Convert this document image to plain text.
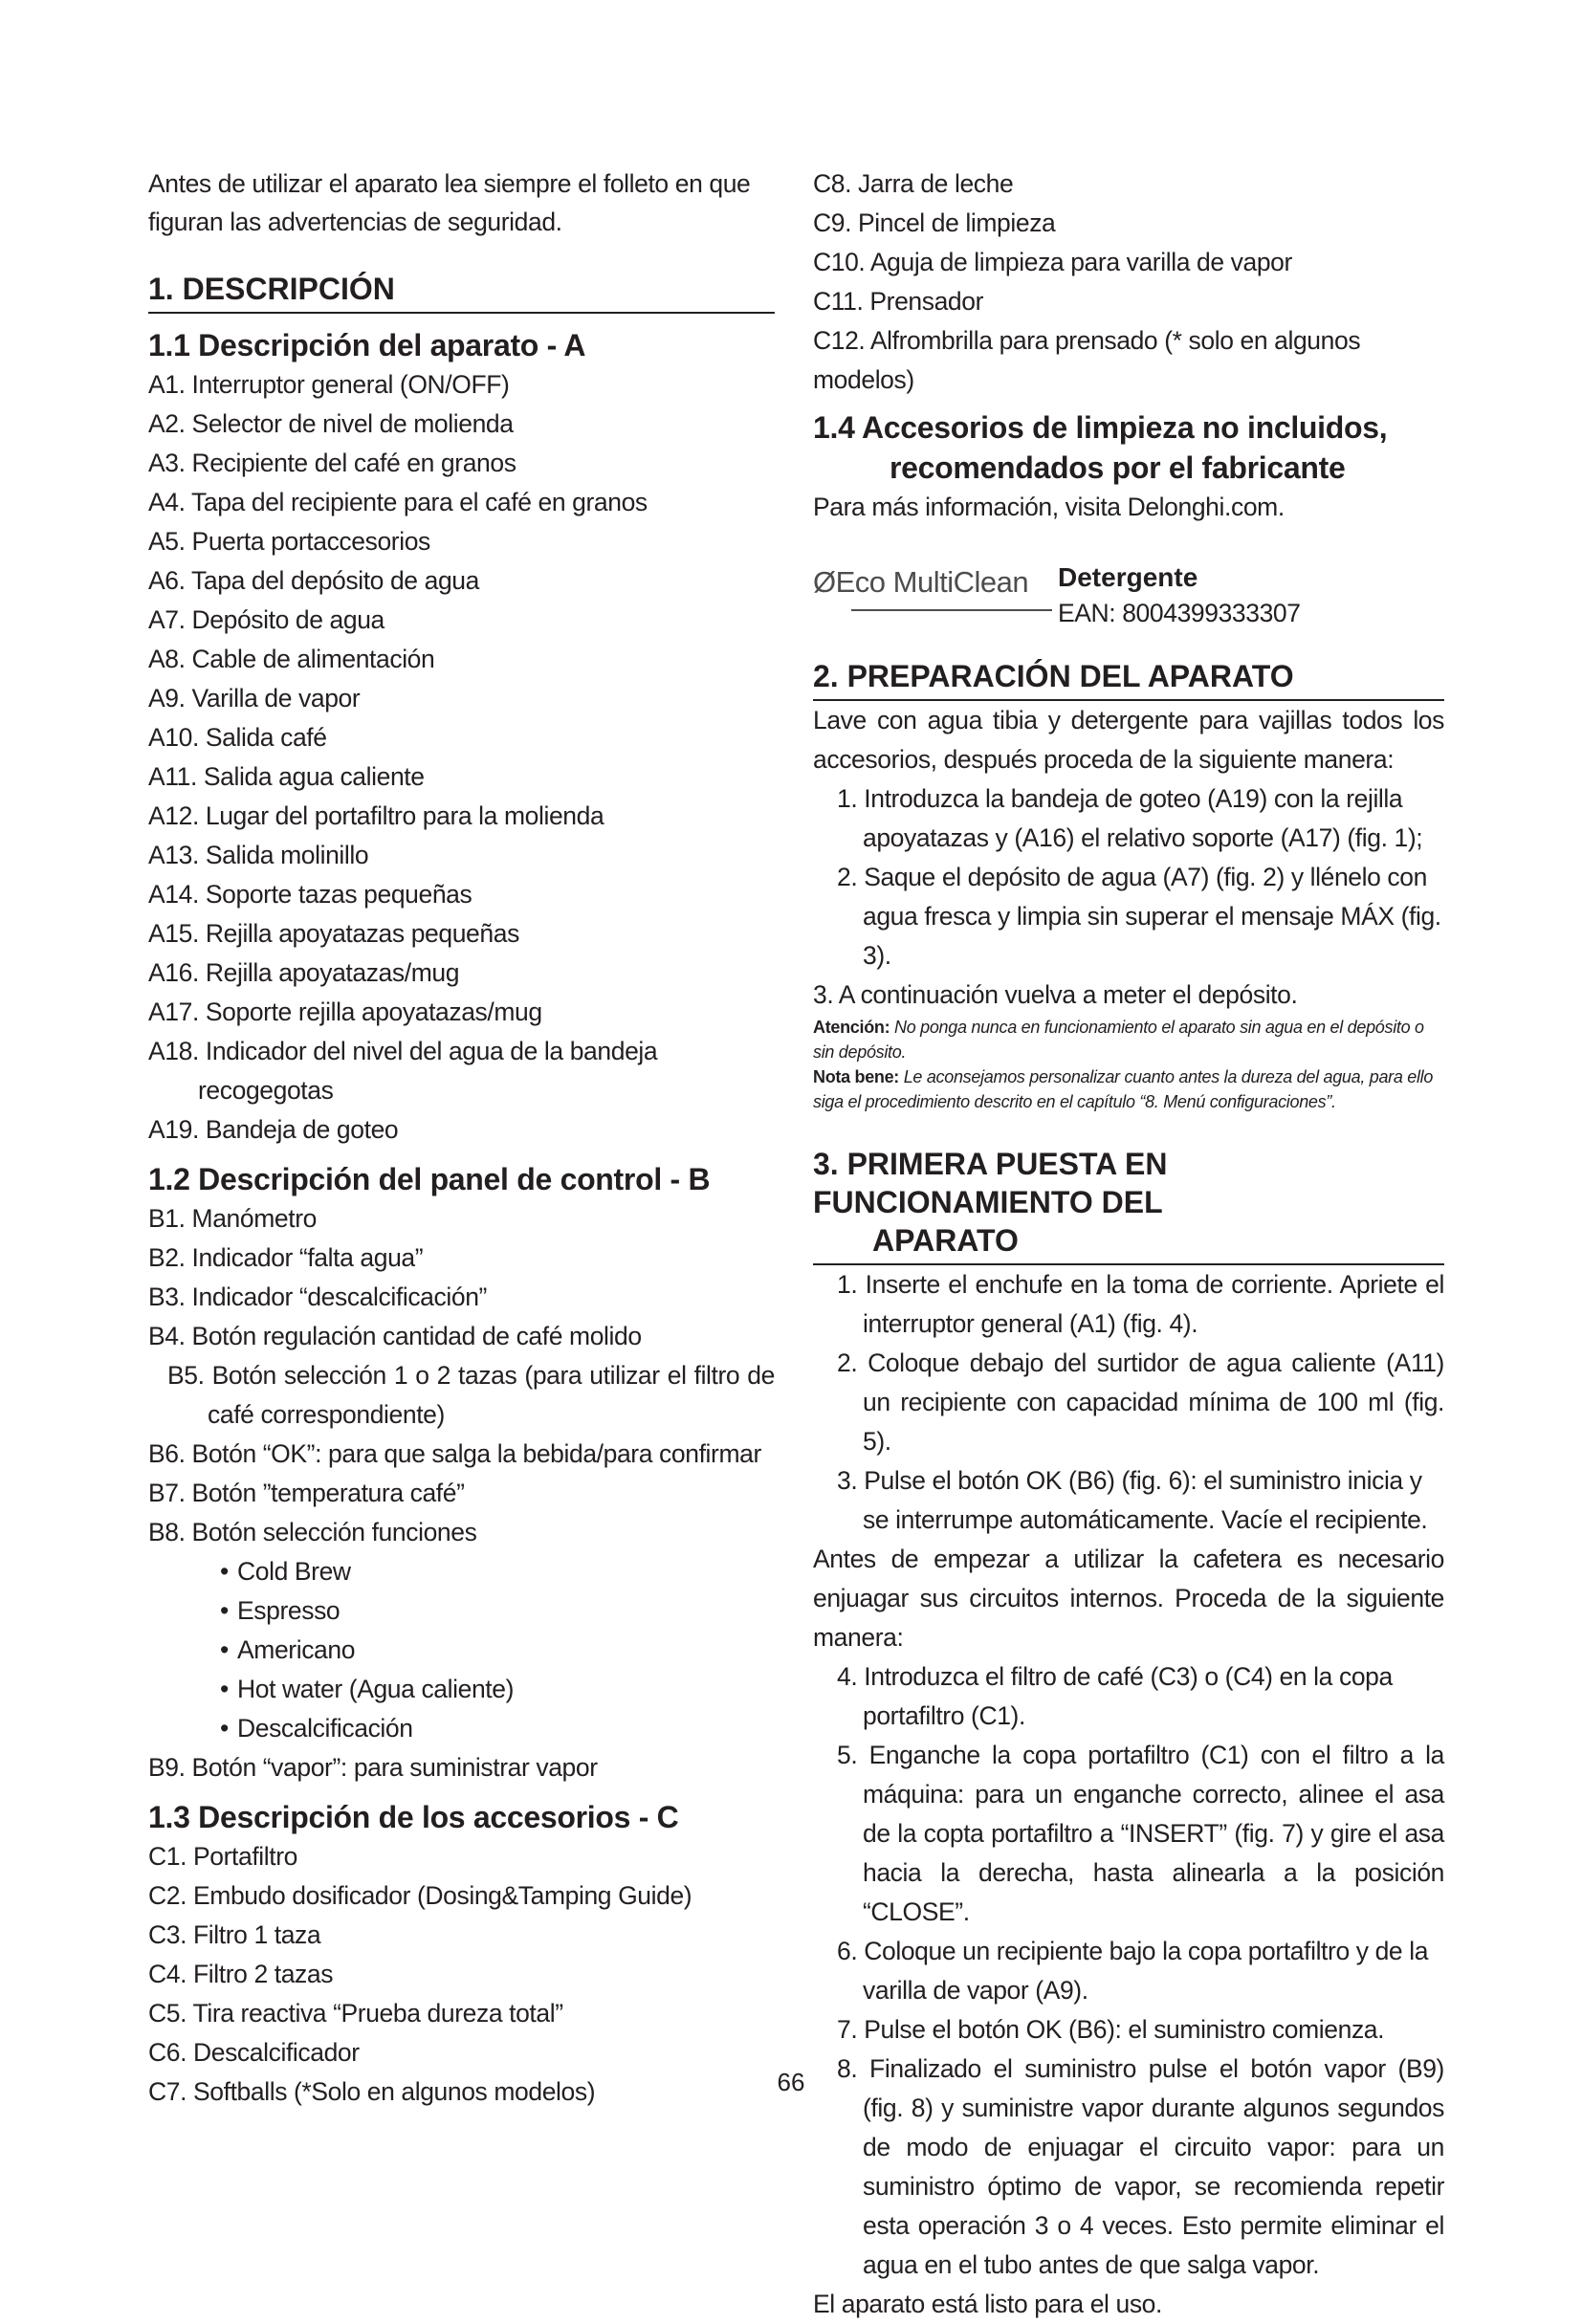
Antes de utilizar el aparato lea siempre el folleto en que figuran las advertencias de seguridad.

1. DESCRIPCIÓN
1.1 Descripción del aparato - A
A1. Interruptor general (ON/OFF)
A2. Selector de nivel de molienda
A3. Recipiente del café en granos
A4. Tapa del recipiente para el café en granos
A5. Puerta portaccesorios
A6. Tapa del depósito de agua
A7. Depósito de agua
A8. Cable de alimentación
A9. Varilla de vapor
A10. Salida café
A11. Salida agua caliente
A12. Lugar del portafiltro para la molienda
A13. Salida molinillo
A14. Soporte tazas pequeñas
A15. Rejilla apoyatazas pequeñas
A16. Rejilla apoyatazas/mug
A17. Soporte rejilla apoyatazas/mug
A18. Indicador del nivel del agua de la bandeja recogegotas
A19. Bandeja de goteo
1.2 Descripción del panel de control - B
B1. Manómetro
B2. Indicador “falta agua”
B3. Indicador “descalcificación”
B4. Botón regulación cantidad de café molido
B5. Botón selección 1 o 2 tazas (para utilizar el filtro de café correspondiente)
B6. Botón “OK”: para que salga la bebida/para confirmar
B7. Botón ”temperatura café”
B8. Botón selección funciones
• Cold Brew
• Espresso
• Americano
• Hot water (Agua caliente)
• Descalcificación
B9. Botón “vapor”: para suministrar vapor
1.3 Descripción de los accesorios - C
C1. Portafiltro
C2. Embudo dosificador (Dosing&Tamping Guide)
C3. Filtro 1 taza
C4. Filtro 2 tazas
C5. Tira reactiva “Prueba dureza total”
C6. Descalcificador
C7. Softballs (*Solo en algunos modelos)
C8. Jarra de leche
C9. Pincel de limpieza
C10. Aguja de limpieza para varilla de vapor
C11. Prensador
C12. Alfrombrilla para prensado (* solo en algunos modelos)
1.4 Accesorios de limpieza no incluidos,
recomendados por el fabricante

Para más información, visita Delonghi.com.

ØEco MultiClean Detergente
EAN: 8004399333307
2. PREPARACIÓN DEL APARATO

Lave con agua tibia y detergente para vajillas todos los accesorios, después proceda de la siguiente manera:

1. Introduzca la bandeja de goteo (A19) con la rejilla apoyatazas y (A16) el relativo soporte (A17) (fig. 1);
2. Saque el depósito de agua (A7) (fig. 2) y llénelo con agua fresca y limpia sin superar el mensaje MÁX (fig. 3).
3. A continuación vuelva a meter el depósito.

Atención: No ponga nunca en funcionamiento el aparato sin agua en el depósito o sin depósito.

Nota bene: Le aconsejamos personalizar cuanto antes la dureza del agua, para ello siga el procedimiento descrito en el capítulo “8. Menú configuraciones”.

3. PRIMERA PUESTA EN FUNCIONAMIENTO DEL
APARATO
1. Inserte el enchufe en la toma de corriente. Apriete el interruptor general (A1) (fig. 4).
2. Coloque debajo del surtidor de agua caliente (A11) un recipiente con capacidad mínima de 100 ml (fig. 5).
3. Pulse el botón OK (B6) (fig. 6): el suministro inicia y se interrumpe automáticamente. Vacíe el recipiente.

Antes de empezar a utilizar la cafetera es necesario enjuagar sus circuitos internos. Proceda de la siguiente manera:

4. Introduzca el filtro de café (C3) o (C4) en la copa portafiltro (C1).
5. Enganche la copa portafiltro (C1) con el filtro a la máquina: para un enganche correcto, alinee el asa de la copta portafiltro a “INSERT” (fig. 7) y gire el asa hacia la derecha, hasta alinearla a la posición “CLOSE”.
6. Coloque un recipiente bajo la copa portafiltro y de la varilla de vapor (A9).
7. Pulse el botón OK (B6): el suministro comienza.
8. Finalizado el suministro pulse el botón vapor (B9) (fig. 8) y suministre vapor durante algunos segundos de modo de enjuagar el circuito vapor: para un suministro óptimo de vapor, se recomienda repetir esta operación 3 o 4 veces. Esto permite eliminar el agua en el tubo antes de que salga vapor.

El aparato está listo para el uso.

66
